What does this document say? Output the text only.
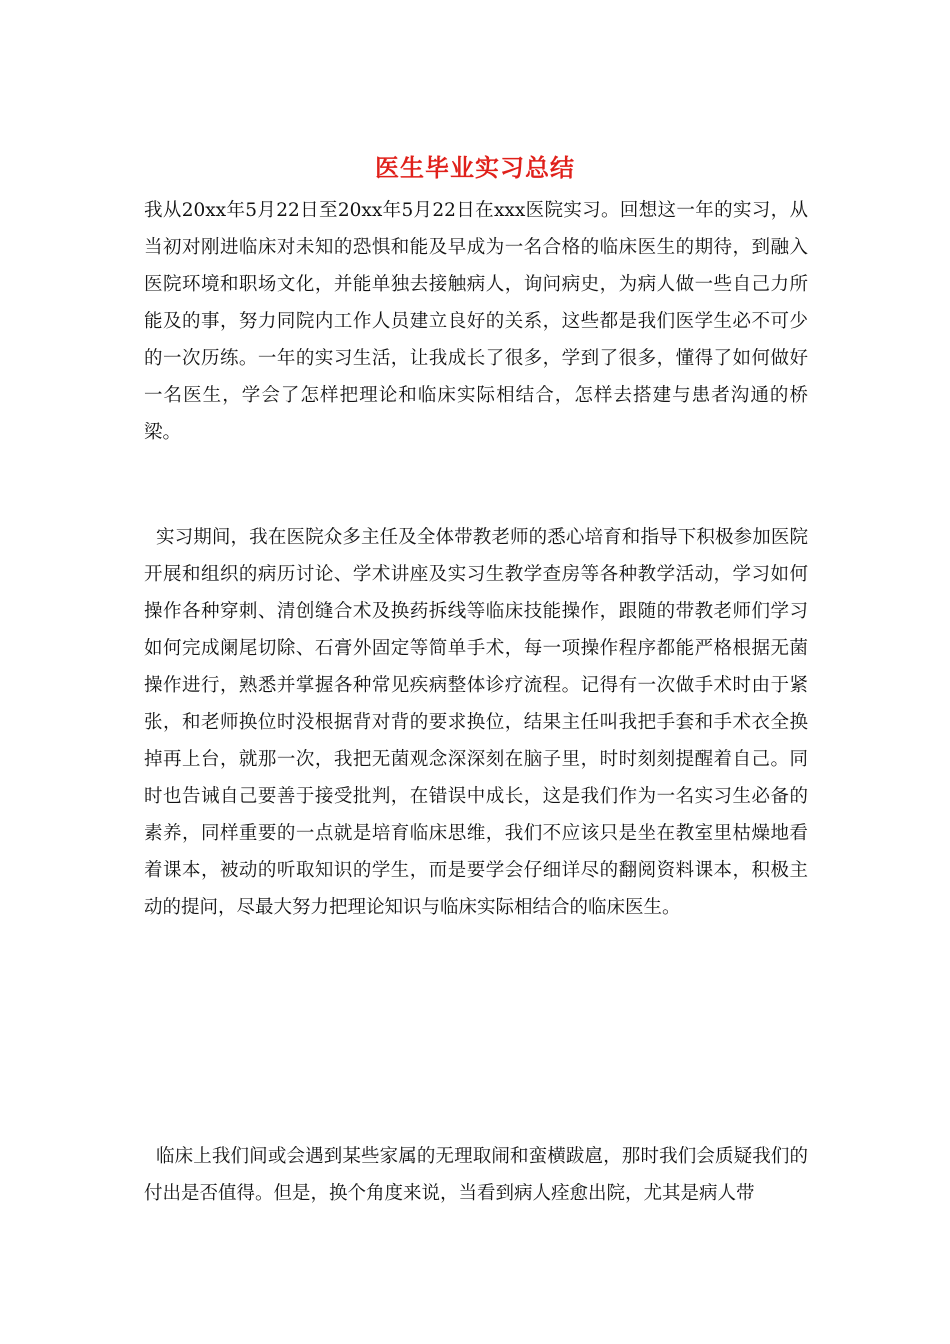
医生毕业实习总结

我从20xx年5月22日至20xx年5月22日在xxx医院实习。回想这一年的实习，从当初对刚进临床对未知的恐惧和能及早成为一名合格的临床医生的期待，到融入医院环境和职场文化，并能单独去接触病人，询问病史，为病人做一些自己力所能及的事，努力同院内工作人员建立良好的关系，这些都是我们医学生必不可少的一次历练。一年的实习生活，让我成长了很多，学到了很多，懂得了如何做好一名医生，学会了怎样把理论和临床实际相结合，怎样去搭建与患者沟通的桥梁。

实习期间，我在医院众多主任及全体带教老师的悉心培育和指导下积极参加医院开展和组织的病历讨论、学术讲座及实习生教学查房等各种教学活动，学习如何操作各种穿刺、清创缝合术及换药拆线等临床技能操作，跟随的带教老师们学习如何完成阑尾切除、石膏外固定等简单手术，每一项操作程序都能严格根据无菌操作进行，熟悉并掌握各种常见疾病整体诊疗流程。记得有一次做手术时由于紧张，和老师换位时没根据背对背的要求换位，结果主任叫我把手套和手术衣全换掉再上台，就那一次，我把无菌观念深深刻在脑子里，时时刻刻提醒着自己。同时也告诫自己要善于接受批判，在错误中成长，这是我们作为一名实习生必备的素养，同样重要的一点就是培育临床思维，我们不应该只是坐在教室里枯燥地看着课本，被动的听取知识的学生，而是要学会仔细详尽的翻阅资料课本，积极主动的提问，尽最大努力把理论知识与临床实际相结合的临床医生。

临床上我们间或会遇到某些家属的无理取闹和蛮横跋扈，那时我们会质疑我们的付出是否值得。但是，换个角度来说，当看到病人痊愈出院，尤其是病人带
